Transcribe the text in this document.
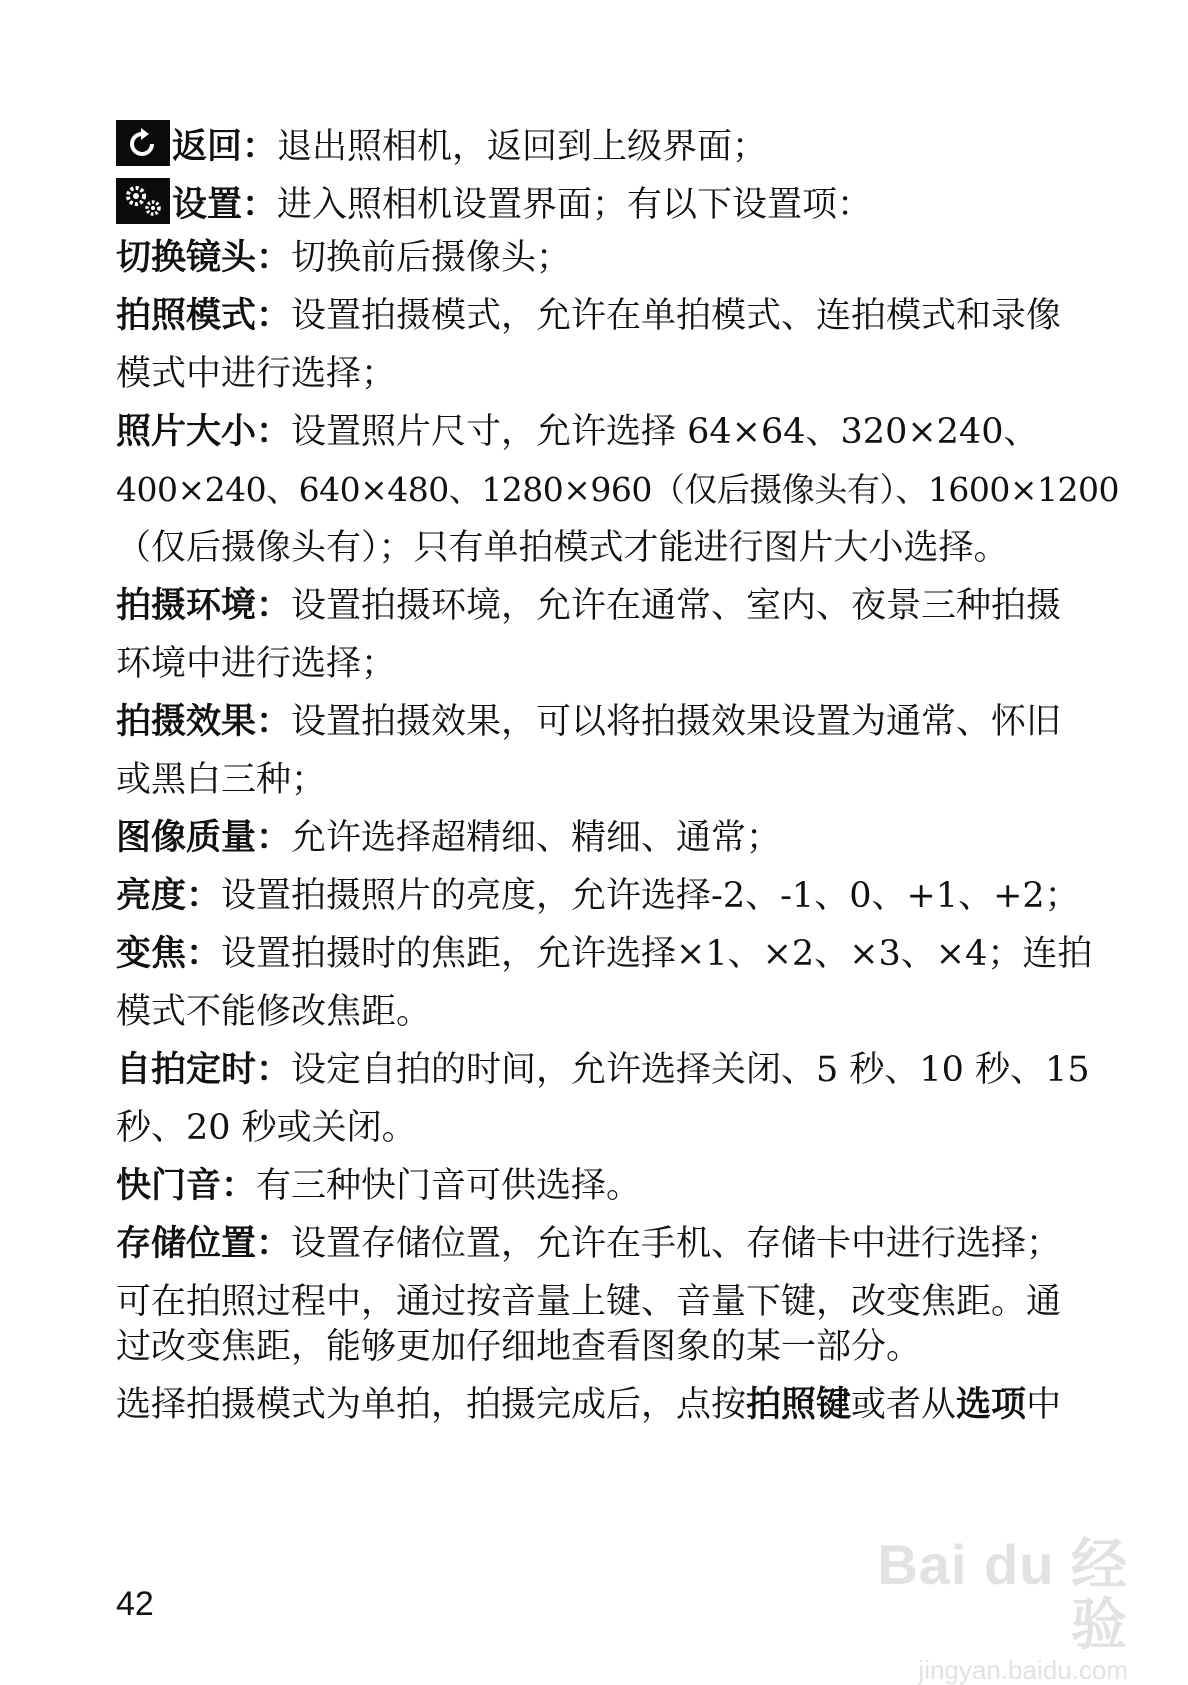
返回：退出照相机，返回到上级界面；
设置：进入照相机设置界面；有以下设置项：
切换镜头：切换前后摄像头；
拍照模式：设置拍摄模式，允许在单拍模式、连拍模式和录像
模式中进行选择；
照片大小：设置照片尺寸，允许选择 64×64、320×240、
400×240、640×480、1280×960（仅后摄像头有）、1600×1200
（仅后摄像头有）；只有单拍模式才能进行图片大小选择。
拍摄环境：设置拍摄环境，允许在通常、室内、夜景三种拍摄
环境中进行选择；
拍摄效果：设置拍摄效果，可以将拍摄效果设置为通常、怀旧
或黑白三种；
图像质量：允许选择超精细、精细、通常；
亮度：设置拍摄照片的亮度，允许选择-2、-1、0、+1、+2；
变焦：设置拍摄时的焦距，允许选择×1、×2、×3、×4；连拍
模式不能修改焦距。
自拍定时：设定自拍的时间，允许选择关闭、5 秒、10 秒、15
秒、20 秒或关闭。
快门音：有三种快门音可供选择。
存储位置：设置存储位置，允许在手机、存储卡中进行选择；
可在拍照过程中，通过按音量上键、音量下键，改变焦距。通
过改变焦距，能够更加仔细地查看图象的某一部分。
选择拍摄模式为单拍，拍摄完成后，点按拍照键或者从选项中
42
Bai du 经验
jingyan.baidu.com
